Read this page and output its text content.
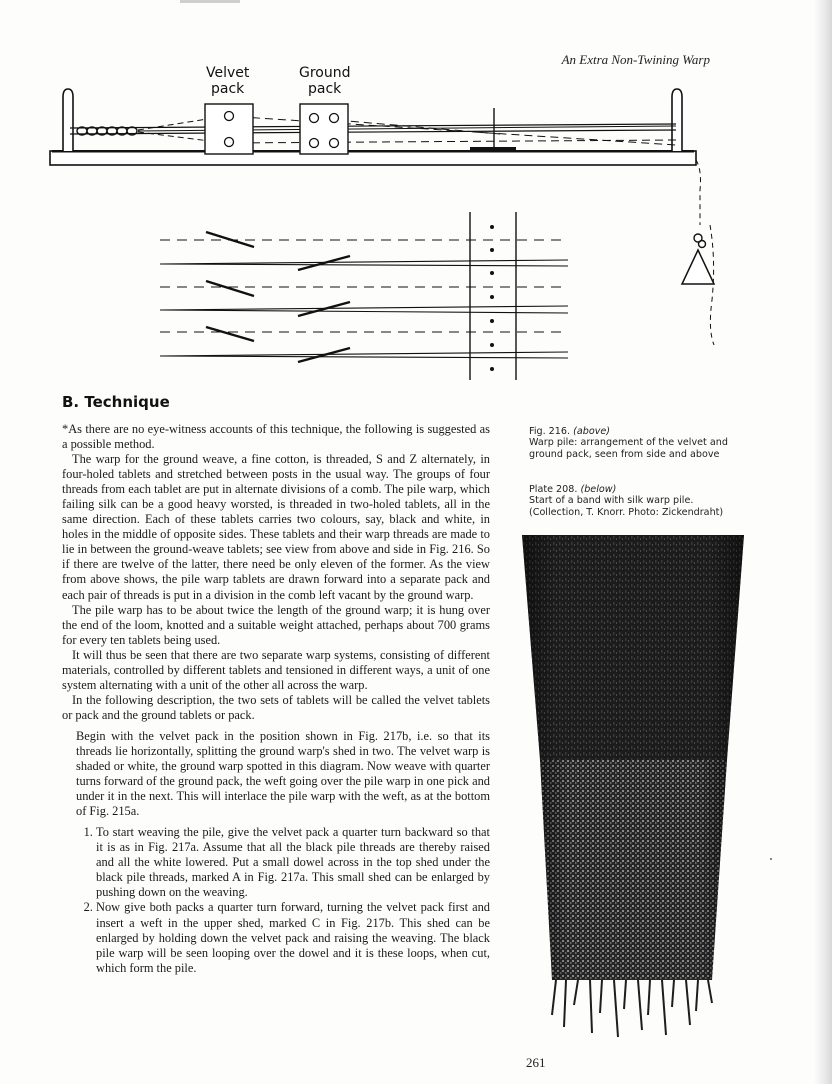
An Extra Non-Twining Warp
Velvet
pack
Ground
pack
B. Technique

*As there are no eye-witness accounts of this technique, the following is suggested as a possible method.

The warp for the ground weave, a fine cotton, is threaded, S and Z alternately, in four-holed tablets and stretched between posts in the usual way. The groups of four threads from each tablet are put in alternate divisions of a comb. The pile warp, which failing silk can be a good heavy worsted, is threaded in two-holed tablets, all in the same direction. Each of these tablets carries two colours, say, black and white, in holes in the middle of opposite sides. These tablets and their warp threads are made to lie in between the ground-weave tablets; see view from above and side in Fig. 216. So if there are twelve of the latter, there need be only eleven of the former. As the view from above shows, the pile warp tablets are drawn forward into a separate pack and each pair of threads is put in a division in the comb left vacant by the ground warp.

The pile warp has to be about twice the length of the ground warp; it is hung over the end of the loom, knotted and a suitable weight attached, perhaps about 700 grams for every ten tablets being used.

It will thus be seen that there are two separate warp systems, consisting of different materials, controlled by different tablets and tensioned in different ways, a unit of one system alternating with a unit of the other all across the warp.

In the following description, the two sets of tablets will be called the velvet tablets or pack and the ground tablets or pack.

Begin with the velvet pack in the position shown in Fig. 217b, i.e. so that its threads lie horizontally, splitting the ground warp's shed in two. The velvet warp is shaded or white, the ground warp spotted in this diagram. Now weave with quarter turns forward of the ground pack, the weft going over the pile warp in one pick and under it in the next. This will interlace the pile warp with the weft, as at the bottom of Fig. 215a.

1. To start weaving the pile, give the velvet pack a quarter turn backward so that it is as in Fig. 217a. Assume that all the black pile threads are thereby raised and all the white lowered. Put a small dowel across in the top shed under the black pile threads, marked A in Fig. 217a. This small shed can be enlarged by pushing down on the weaving.
2. Now give both packs a quarter turn forward, turning the velvet pack first and insert a weft in the upper shed, marked C in Fig. 217b. This shed can be enlarged by holding down the velvet pack and raising the weaving. The black pile warp will be seen looping over the dowel and it is these loops, when cut, which form the pile.
Fig. 216. (above)
Warp pile: arrangement of the velvet and ground pack, seen from side and above
Plate 208. (below)
Start of a band with silk warp pile. (Collection, T. Knorr. Photo: Zickendraht)
261
